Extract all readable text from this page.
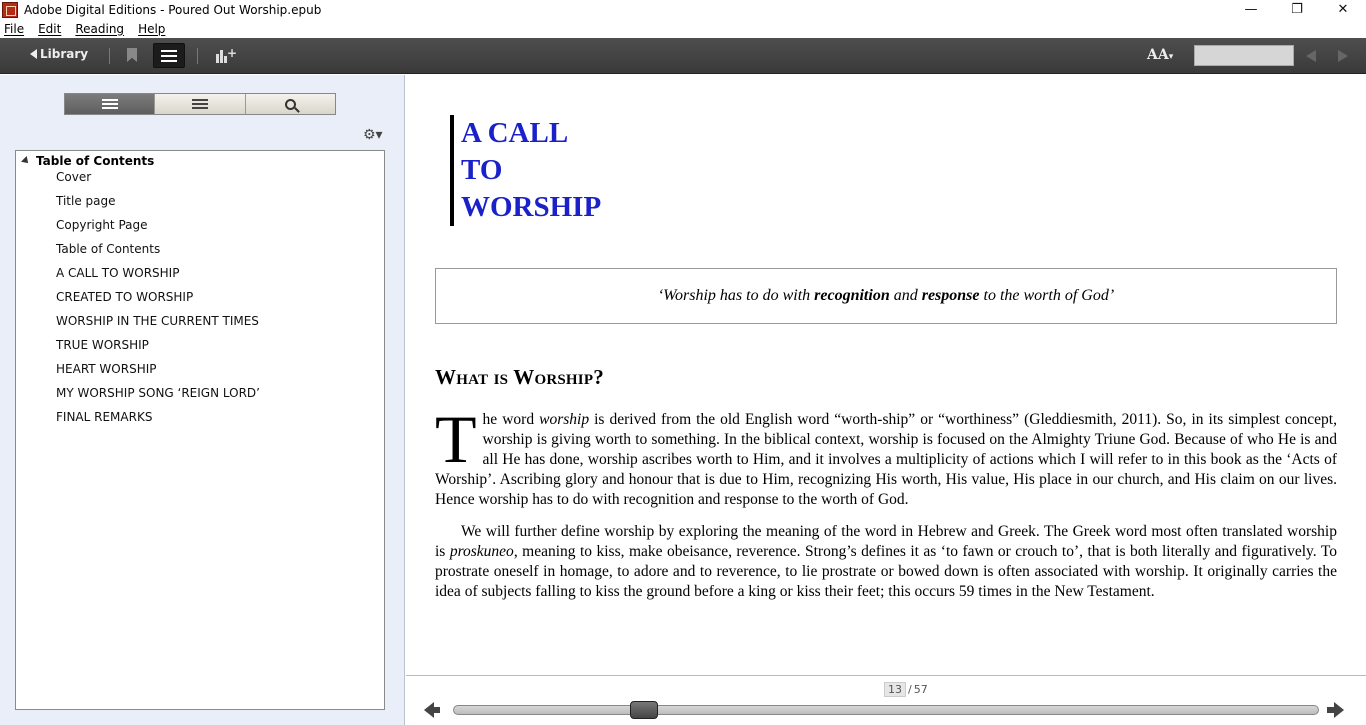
Adobe Digital Editions - Poured Out Worship.epub	—	❐	✕
File Edit Reading Help
Library	+	AA▾
⚙▾
Table of Contents
Cover
Title page
Copyright Page
Table of Contents
A CALL TO WORSHIP
CREATED TO WORSHIP
WORSHIP IN THE CURRENT TIMES
TRUE WORSHIP
HEART WORSHIP
MY WORSHIP SONG ‘REIGN LORD’
FINAL REMARKS
A CALL
TO
WORSHIP
‘Worship has to do with recognition and response to the worth of God’
What is Worship?
The word worship is derived from the old English word “worth-ship” or “worthiness” (Gleddiesmith, 2011). So, in its simplest concept, worship is giving worth to something. In the biblical context, worship is focused on the Almighty Triune God. Because of who He is and all He has done, worship ascribes worth to Him, and it involves a multiplicity of actions which I will refer to in this book as the ‘Acts of Worship’. Ascribing glory and honour that is due to Him, recognizing His worth, His value, His place in our church, and His claim on our lives. Hence worship has to do with recognition and response to the worth of God.
We will further define worship by exploring the meaning of the word in Hebrew and Greek. The Greek word most often translated worship is proskuneo, meaning to kiss, make obeisance, reverence. Strong’s defines it as ‘to fawn or crouch to’, that is both literally and figuratively. To prostrate oneself in homage, to adore and to reverence, to lie prostrate or bowed down is often associated with worship. It originally carries the idea of subjects falling to kiss the ground before a king or kiss their feet; this occurs 59 times in the New Testament.
13 / 57
